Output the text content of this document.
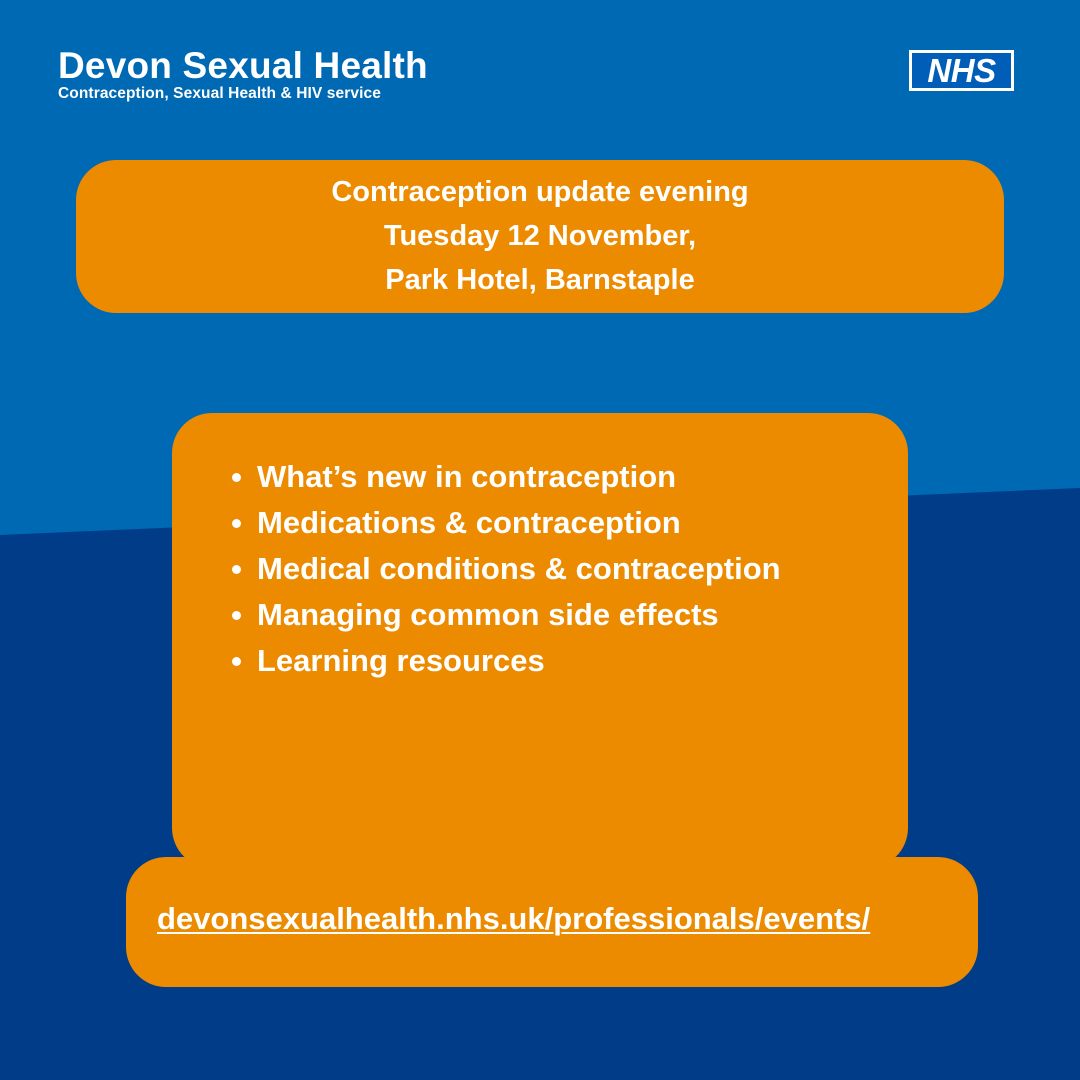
Devon Sexual Health
Contraception, Sexual Health & HIV service
NHS
Contraception update evening
Tuesday 12 November,
Park Hotel, Barnstaple
What’s new in contraception
Medications & contraception
Medical conditions & contraception
Managing common side effects
Learning resources
devonsexualhealth.nhs.uk/professionals/events/
